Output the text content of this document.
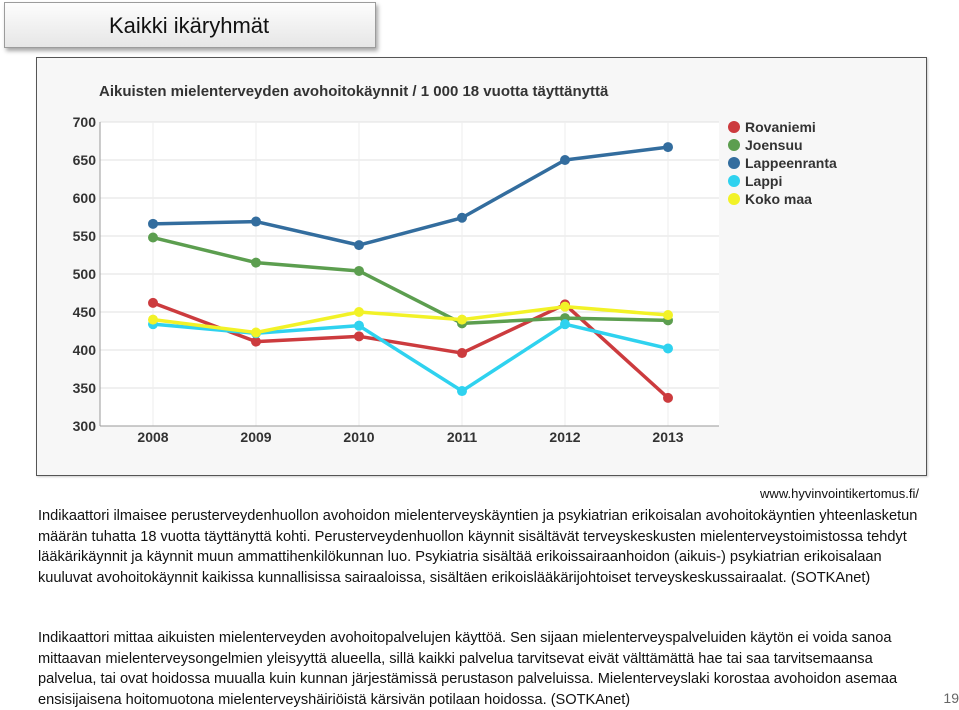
Kaikki ikäryhmät
300
350
400
450
500
550
600
650
700
2008	2009	2010	2011	2012	2013
Rovaniemi
Joensuu
Lappeenranta
Lappi
Koko maa
Aikuisten mielenterveyden avohoitokäynnit / 1 000 18 vuotta täyttänyttä
www.hyvinvointikertomus.fi/
Indikaattori ilmaisee perusterveydenhuollon avohoidon mielenterveyskäyntien ja psykiatrian erikoisalan avohoitokäyntien yhteenlasketun määrän tuhatta 18 vuotta täyttänyttä kohti. Perusterveydenhuollon käynnit sisältävät terveyskeskusten mielenterveystoimistossa tehdyt lääkärikäynnit ja käynnit muun ammattihenkilökunnan luo. Psykiatria sisältää erikoissairaanhoidon (aikuis-) psykiatrian erikoisalaan kuuluvat avohoitokäynnit kaikissa kunnallisissa sairaaloissa, sisältäen erikoislääkärijohtoiset terveyskeskussairaalat. (SOTKAnet)
Indikaattori mittaa aikuisten mielenterveyden avohoitopalvelujen käyttöä. Sen sijaan mielenterveyspalveluiden käytön ei voida sanoa mittaavan mielenterveysongelmien yleisyyttä alueella, sillä kaikki palvelua tarvitsevat eivät välttämättä hae tai saa tarvitsemaansa palvelua, tai ovat hoidossa muualla kuin kunnan järjestämissä perustason palveluissa. Mielenterveyslaki korostaa avohoidon asemaa ensisijaisena hoitomuotona mielenterveyshäiriöistä kärsivän potilaan hoidossa. (SOTKAnet)	19
